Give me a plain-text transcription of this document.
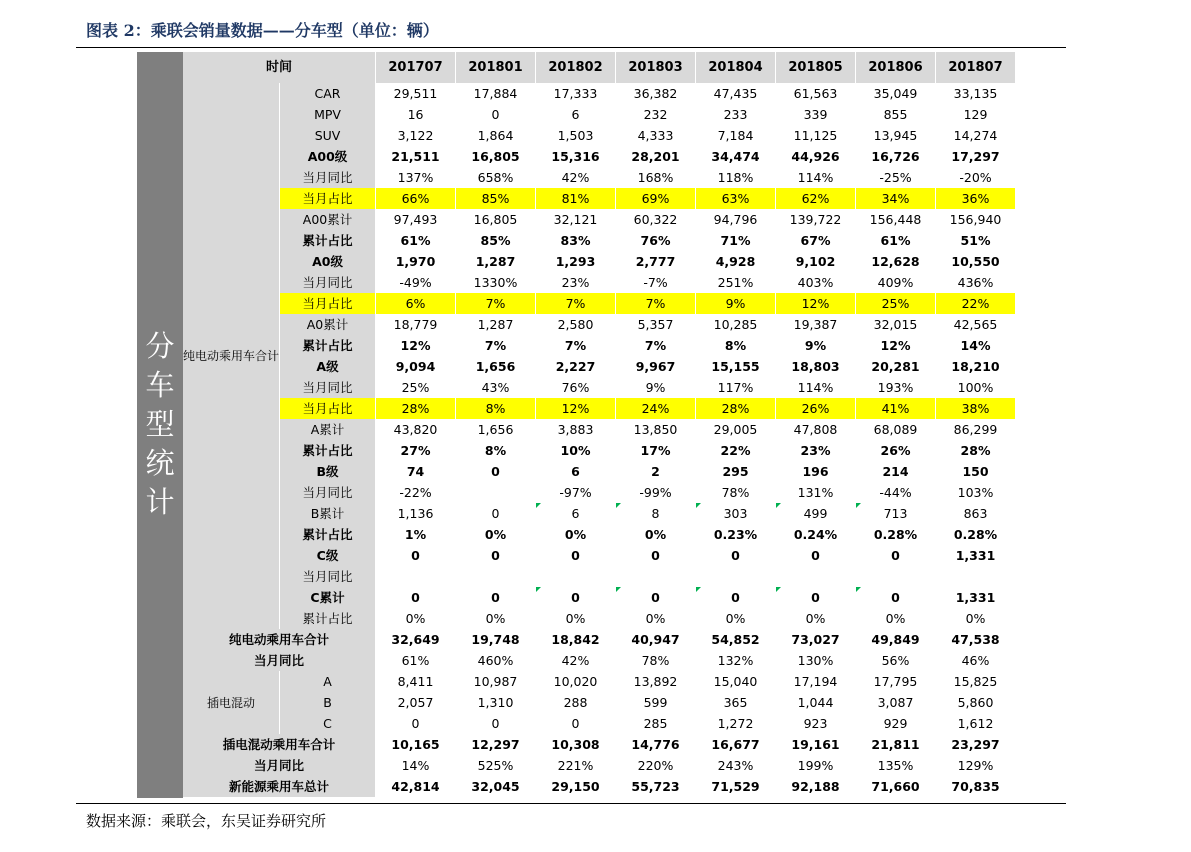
图表 2：乘联会销量数据——分车型（单位：辆）
分
车
型
统
计
时间		201707	201801	201802	201803	201804	201805	201806	201807
纯电动乘用车合计	CAR	29,511	17,884	17,333	36,382	47,435	61,563	35,049	33,135
	MPV	16	0	6	232	233	339	855	129
	SUV	3,122	1,864	1,503	4,333	7,184	11,125	13,945	14,274
	A00级	21,511	16,805	15,316	28,201	34,474	44,926	16,726	17,297
	当月同比	137%	658%	42%	168%	118%	114%	-25%	-20%
	当月占比	66%	85%	81%	69%	63%	62%	34%	36%
	A00累计	97,493	16,805	32,121	60,322	94,796	139,722	156,448	156,940
	累计占比	61%	85%	83%	76%	71%	67%	61%	51%
	A0级	1,970	1,287	1,293	2,777	4,928	9,102	12,628	10,550
	当月同比	-49%	1330%	23%	-7%	251%	403%	409%	436%
	当月占比	6%	7%	7%	7%	9%	12%	25%	22%
	A0累计	18,779	1,287	2,580	5,357	10,285	19,387	32,015	42,565
	累计占比	12%	7%	7%	7%	8%	9%	12%	14%
	A级	9,094	1,656	2,227	9,967	15,155	18,803	20,281	18,210
	当月同比	25%	43%	76%	9%	117%	114%	193%	100%
	当月占比	28%	8%	12%	24%	28%	26%	41%	38%
	A累计	43,820	1,656	3,883	13,850	29,005	47,808	68,089	86,299
	累计占比	27%	8%	10%	17%	22%	23%	26%	28%
	B级	74	0	6	2	295	196	214	150
	当月同比	-22%		-97%	-99%	78%	131%	-44%	103%
	B累计	1,136	0	6	8	303	499	713	863
	累计占比	1%	0%	0%	0%	0.23%	0.24%	0.28%	0.28%
	C级	0	0	0	0	0	0	0	1,331
	当月同比								
	C累计	0	0	0	0	0	0	0	1,331
	累计占比	0%	0%	0%	0%	0%	0%	0%	0%
纯电动乘用车合计		32,649	19,748	18,842	40,947	54,852	73,027	49,849	47,538
当月同比		61%	460%	42%	78%	132%	130%	56%	46%
插电混动	A	8,411	10,987	10,020	13,892	15,040	17,194	17,795	15,825
	B	2,057	1,310	288	599	365	1,044	3,087	5,860
	C	0	0	0	285	1,272	923	929	1,612
插电混动乘用车合计		10,165	12,297	10,308	14,776	16,677	19,161	21,811	23,297
当月同比		14%	525%	221%	220%	243%	199%	135%	129%
新能源乘用车总计		42,814	32,045	29,150	55,723	71,529	92,188	71,660	70,835
数据来源：乘联会，东吴证券研究所
